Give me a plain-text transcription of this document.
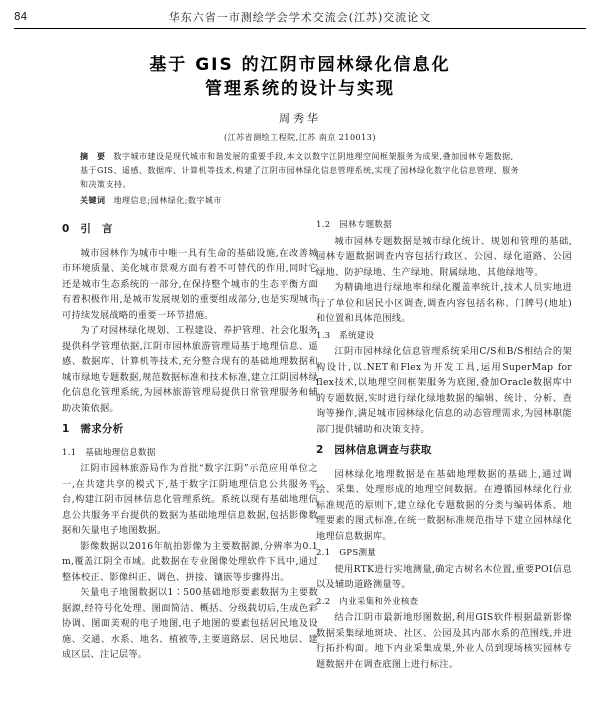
84	华东六省一市测绘学会学术交流会(江苏)交流论文
基于 GIS 的江阴市园林绿化信息化
管理系统的设计与实现
周秀华
(江苏省测绘工程院,江苏 南京 210013)
摘　要 数字城市建设是现代城市和谐发展的重要手段,本文以数字江阴地理空间框架服务为成果,叠加园林专题数据,基于GIS、遥感、数据库、计算机等技术,构建了江阴市园林绿化信息管理系统,实现了园林绿化数字化信息管理、服务和决策支持。
关键词 地理信息;园林绿化;数字城市
0　引　言

城市园林作为城市中唯一具有生命的基础设施,在改善城市环境质量、美化城市景观方面有着不可替代的作用,同时它还是城市生态系统的一部分,在保持整个城市的生态平衡方面有着积极作用,是城市发展规划的重要组成部分,也是实现城市可持续发展战略的重要一环节措施。

为了对园林绿化规划、工程建设、养护管理、社会化服务提供科学管理依据,江阴市园林旅游管理局基于地理信息、遥感、数据库、计算机等技术,充分整合现有的基础地理数据和城市绿地专题数据,规范数据标准和技术标准,建立江阴园林绿化信息化管理系统,为园林旅游管理局提供日常管理服务和辅助决策依据。

1　需求分析
1.1　基础地理信息数据

江阴市园林旅游局作为首批“数字江阴”示范应用单位之一,在共建共享的模式下,基于数字江阴地理信息公共服务平台,构建江阴市园林信息化管理系统。系统以现有基础地理信息公共服务平台提供的数据为基础地理信息数据,包括影像数据和矢量电子地图数据。

影像数据以2016年航拍影像为主要数据源,分辨率为0.1 m,覆盖江阴全市域。此数据在专业图像处理软件下具中,通过整体校正、影像纠正、调色、拼接、镶嵌等步骤得出。

矢量电子地图数据以1∶500基础地形要素数据为主要数据源,经符号化处理、图面简洁、概括、分级载切后,生成色彩协调、图面美观的电子地图,电子地图的要素包括居民地及设施、交通、水系、地名、植被等,主要道路层、居民地层、建成区层、注记层等。

1.2　园林专题数据

城市园林专题数据是城市绿化统计、规划和管理的基础,园林专题数据调查内容包括行政区、公园、绿化道路、公园绿地、防护绿地、生产绿地、附属绿地、其他绿地等。

为精确地进行绿地率和绿化覆盖率统计,技术人员实地进行了单位和居民小区调查,调查内容包括名称、门牌号(地址)和位置和具体范围线。

1.3　系统建设

江阴市园林绿化信息管理系统采用C/S和B/S相结合的架构设计,以.NET和Flex为开发工具,运用SuperMap for flex技术,以地理空间框架服务为底图,叠加Oracle数据库中的专题数据,实时进行绿化绿地数据的编辑、统计、分析、查询等操作,满足城市园林绿化信息的动态管理需求,为园林职能部门提供辅助和决策支持。

2　园林信息调查与获取

园林绿化地理数据是在基础地理数据的基础上,通过调绘、采集、处理形成的地理空间数据。在遵循园林绿化行业标准规范的原则下,建立绿化专题数据的分类与编码体系、地理要素的图式标准,在统一数据标准规范指导下建立园林绿化地理信息数据库。

2.1　GPS测量

使用RTK进行实地测量,确定古树名木位置,重要POI信息以及辅助道路测量等。

2.2　内业采集和外业核查

结合江阴市最新地形图数据,利用GIS软件根据最新影像数据采集绿地斑块、社区、公园及其内部水系的范围线,并进行拓扑构面。地下内业采集成果,外业人员到现场核实园林专题数据并在调查底图上进行标注。
